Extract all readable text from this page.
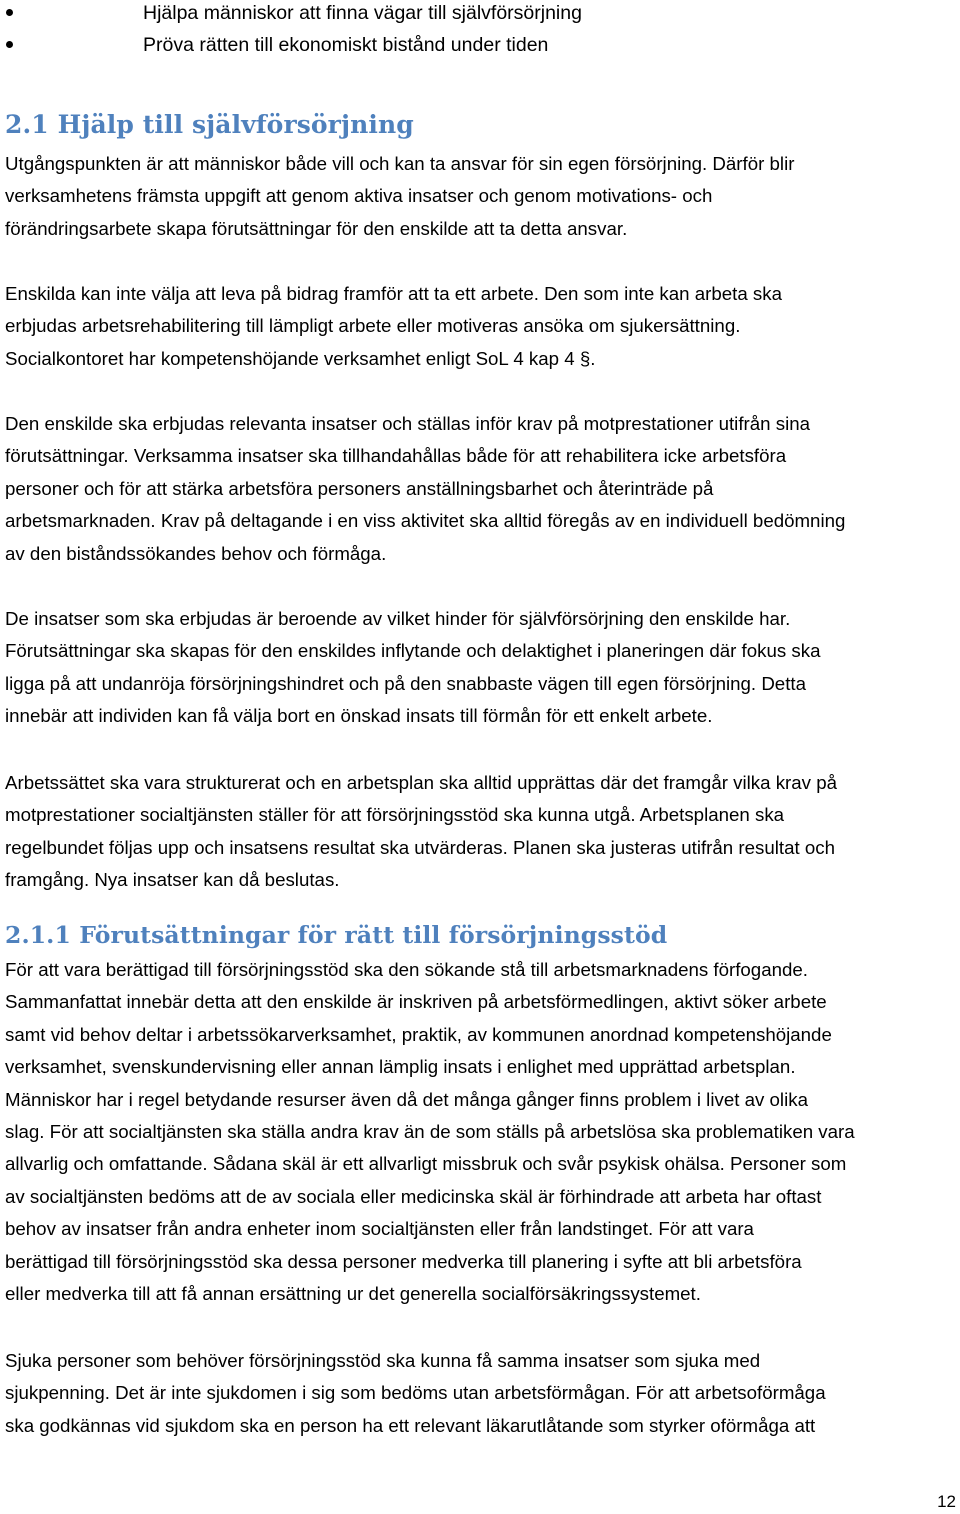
Hjälpa människor att finna vägar till självförsörjning
Pröva rätten till ekonomiskt bistånd under tiden
2.1 Hjälp till självförsörjning

Utgångspunkten är att människor både vill och kan ta ansvar för sin egen försörjning. Därför blir
verksamhetens främsta uppgift att genom aktiva insatser och genom motivations- och
förändringsarbete skapa förutsättningar för den enskilde att ta detta ansvar.

Enskilda kan inte välja att leva på bidrag framför att ta ett arbete. Den som inte kan arbeta ska
erbjudas arbetsrehabilitering till lämpligt arbete eller motiveras ansöka om sjukersättning.
Socialkontoret har kompetenshöjande verksamhet enligt SoL 4 kap 4 §.

Den enskilde ska erbjudas relevanta insatser och ställas inför krav på motprestationer utifrån sina
förutsättningar. Verksamma insatser ska tillhandahållas både för att rehabilitera icke arbetsföra
personer och för att stärka arbetsföra personers anställningsbarhet och återinträde på
arbetsmarknaden. Krav på deltagande i en viss aktivitet ska alltid föregås av en individuell bedömning
av den biståndssökandes behov och förmåga.

De insatser som ska erbjudas är beroende av vilket hinder för självförsörjning den enskilde har.
Förutsättningar ska skapas för den enskildes inflytande och delaktighet i planeringen där fokus ska
ligga på att undanröja försörjningshindret och på den snabbaste vägen till egen försörjning. Detta
innebär att individen kan få välja bort en önskad insats till förmån för ett enkelt arbete.

Arbetssättet ska vara strukturerat och en arbetsplan ska alltid upprättas där det framgår vilka krav på
motprestationer socialtjänsten ställer för att försörjningsstöd ska kunna utgå. Arbetsplanen ska
regelbundet följas upp och insatsens resultat ska utvärderas. Planen ska justeras utifrån resultat och
framgång. Nya insatser kan då beslutas.

2.1.1 Förutsättningar för rätt till försörjningsstöd

För att vara berättigad till försörjningsstöd ska den sökande stå till arbetsmarknadens förfogande.
Sammanfattat innebär detta att den enskilde är inskriven på arbetsförmedlingen, aktivt söker arbete
samt vid behov deltar i arbetssökarverksamhet, praktik, av kommunen anordnad kompetenshöjande
verksamhet, svenskundervisning eller annan lämplig insats i enlighet med upprättad arbetsplan.
Människor har i regel betydande resurser även då det många gånger finns problem i livet av olika
slag. För att socialtjänsten ska ställa andra krav än de som ställs på arbetslösa ska problematiken vara
allvarlig och omfattande. Sådana skäl är ett allvarligt missbruk och svår psykisk ohälsa. Personer som
av socialtjänsten bedöms att de av sociala eller medicinska skäl är förhindrade att arbeta har oftast
behov av insatser från andra enheter inom socialtjänsten eller från landstinget. För att vara
berättigad till försörjningsstöd ska dessa personer medverka till planering i syfte att bli arbetsföra
eller medverka till att få annan ersättning ur det generella socialförsäkringssystemet.

Sjuka personer som behöver försörjningsstöd ska kunna få samma insatser som sjuka med
sjukpenning. Det är inte sjukdomen i sig som bedöms utan arbetsförmågan. För att arbetsoförmåga
ska godkännas vid sjukdom ska en person ha ett relevant läkarutlåtande som styrker oförmåga att

12
